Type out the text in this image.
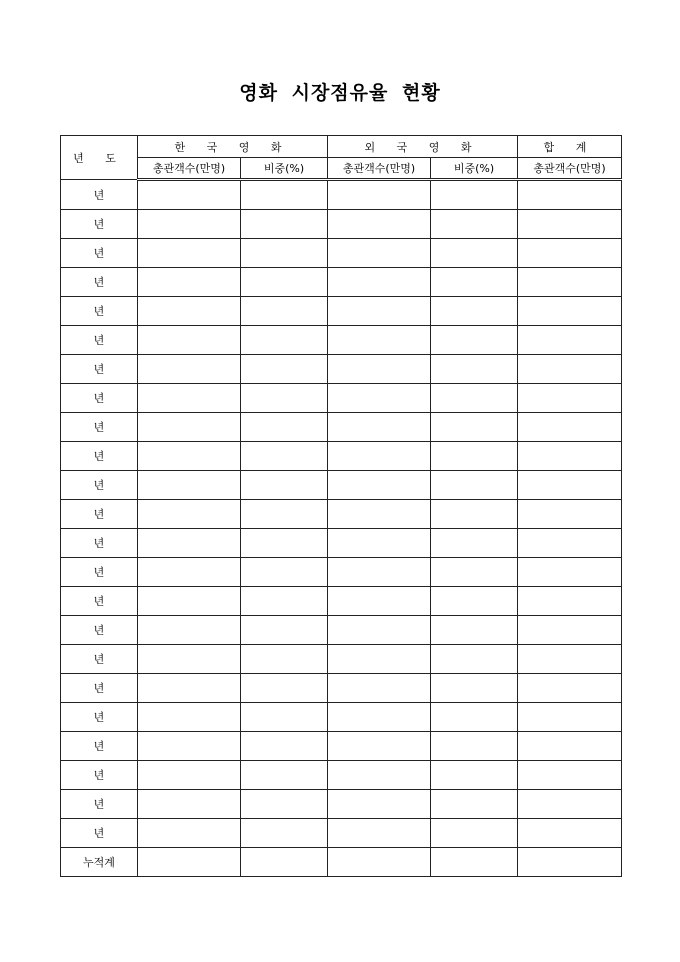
영화 시장점유율 현황
년 도	한 국 영 화		외 국 영 화		합 계
	총관객수(만명)	비중(%)	총관객수(만명)	비중(%)	총관객수(만명)
년					
년					
년					
년					
년					
년					
년					
년					
년					
년					
년					
년					
년					
년					
년					
년					
년					
년					
년					
년					
년					
년					
년					
누적계					
